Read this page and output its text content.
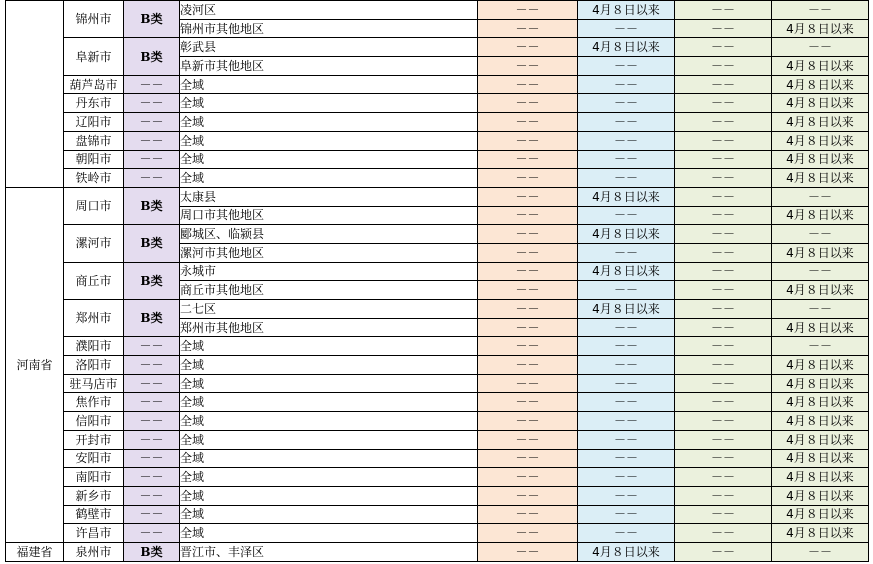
	锦州市	B类	凌河区	－－	4月８日以来	－－	－－
			锦州市其他地区	－－	－－	－－	4月８日以来
	阜新市	B类	彰武县	－－	4月８日以来	－－	－－
			阜新市其他地区	－－	－－	－－	4月８日以来
	葫芦岛市	－－	全域	－－	－－	－－	4月８日以来
	丹东市	－－	全域	－－	－－	－－	4月８日以来
	辽阳市	－－	全域	－－	－－	－－	4月８日以来
	盘锦市	－－	全域	－－	－－	－－	4月８日以来
	朝阳市	－－	全域	－－	－－	－－	4月８日以来
	铁岭市	－－	全域	－－	－－	－－	4月８日以来
河南省	周口市	B类	太康县	－－	4月８日以来	－－	－－
			周口市其他地区	－－	－－	－－	4月８日以来
	漯河市	B类	郾城区、临颍县	－－	4月８日以来	－－	－－
			漯河市其他地区	－－	－－	－－	4月８日以来
	商丘市	B类	永城市	－－	4月８日以来	－－	－－
			商丘市其他地区	－－	－－	－－	4月８日以来
	郑州市	B类	二七区	－－	4月８日以来	－－	－－
			郑州市其他地区	－－	－－	－－	4月８日以来
	濮阳市	－－	全域	－－	－－	－－	－－
	洛阳市	－－	全域	－－	－－	－－	4月８日以来
	驻马店市	－－	全域	－－	－－	－－	4月８日以来
	焦作市	－－	全域	－－	－－	－－	4月８日以来
	信阳市	－－	全域	－－	－－	－－	4月８日以来
	开封市	－－	全域	－－	－－	－－	4月８日以来
	安阳市	－－	全域	－－	－－	－－	4月８日以来
	南阳市	－－	全域	－－	－－	－－	4月８日以来
	新乡市	－－	全域	－－	－－	－－	4月８日以来
	鹤壁市	－－	全域	－－	－－	－－	4月８日以来
	许昌市	－－	全域	－－	－－	－－	4月８日以来
福建省	泉州市	B类	晋江市、丰泽区	－－	4月８日以来	－－	－－
